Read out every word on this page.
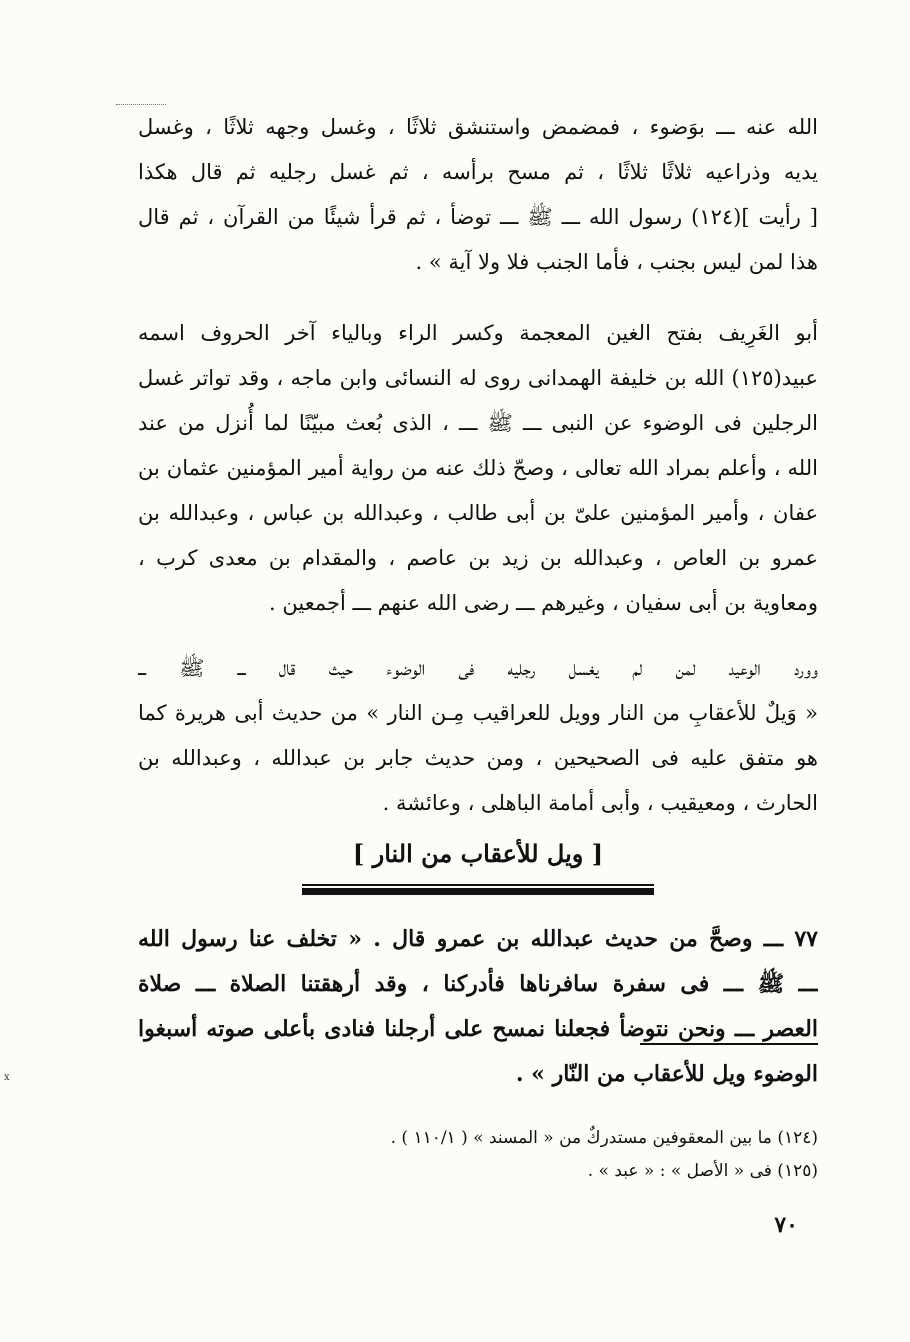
الله عنه ـــ بوَضوء ، فمضمض واستنشق ثلاثًا ، وغسل وجهه ثلاثًا ، وغسل

يديه وذراعيه ثلاثًا ثلاثًا ، ثم مسح برأسه ، ثم غسل رجليه ثم قال هكذا

[ رأيت ](١٢٤) رسول الله ـــ ﷺ ـــ توضأ ، ثم قرأ شيئًا من القرآن ، ثم قال

هذا لمن ليس بجنب ، فأما الجنب فلا ولا آية » .

أبو الغَرِيف بفتح الغين المعجمة وكسر الراء وبالياء آخر الحروف اسمه

عبيد(١٢٥) الله بن خليفة الهمدانى روى له النسائى وابن ماجه ، وقد تواتر غسل

الرجلين فى الوضوء عن النبى ـــ ﷺ ـــ ، الذى بُعث مبيّنًا لما أُنزل من عند

الله ، وأعلم بمراد الله تعالى ، وصحّ ذلك عنه من رواية أمير المؤمنين عثمان بن

عفان ، وأمير المؤمنين علىّ بن أبى طالب ، وعبدالله بن عباس ، وعبدالله بن

عمرو بن العاص ، وعبدالله بن زيد بن عاصم ، والمقدام بن معدى كرب ،

ومعاوية بن أبى سفيان ، وغيرهم ـــ رضى الله عنهم ـــ أجمعين .

وورد الوعيد لمن لم يغسل رجليه فى الوضوء حيث قال ـــ ﷺ ـــ

« وَيلٌ للأعقابِ من النار وويل للعراقيب مِـن النار » من حديث أبى هريرة كما

هو متفق عليه فى الصحيحين ، ومن حديث جابر بن عبدالله ، وعبدالله بن

الحارث ، ومعيقيب ، وأبى أمامة الباهلى ، وعائشة .

[ ويل للأعقاب من النار ]

٧٧ ـــ وصحَّ من حديث عبدالله بن عمرو قال . « تخلف عنا رسول الله

ـــ ﷺ ـــ فى سفرة سافرناها فأدركنا ، وقد أرهقتنا الصلاة ـــ صلاة

العصر ـــ ونحن نتوضأ فجعلنا نمسح على أرجلنا فنادى بأعلى صوته أسبغوا

الوضوء ويل للأعقاب من النّار » .

(١٢٤) ما بين المعقوفين مستدركٌ من « المسند » ( ١١٠/١ ) .

(١٢٥) فى « الأصل » : « عبد » .

٧٠
x
